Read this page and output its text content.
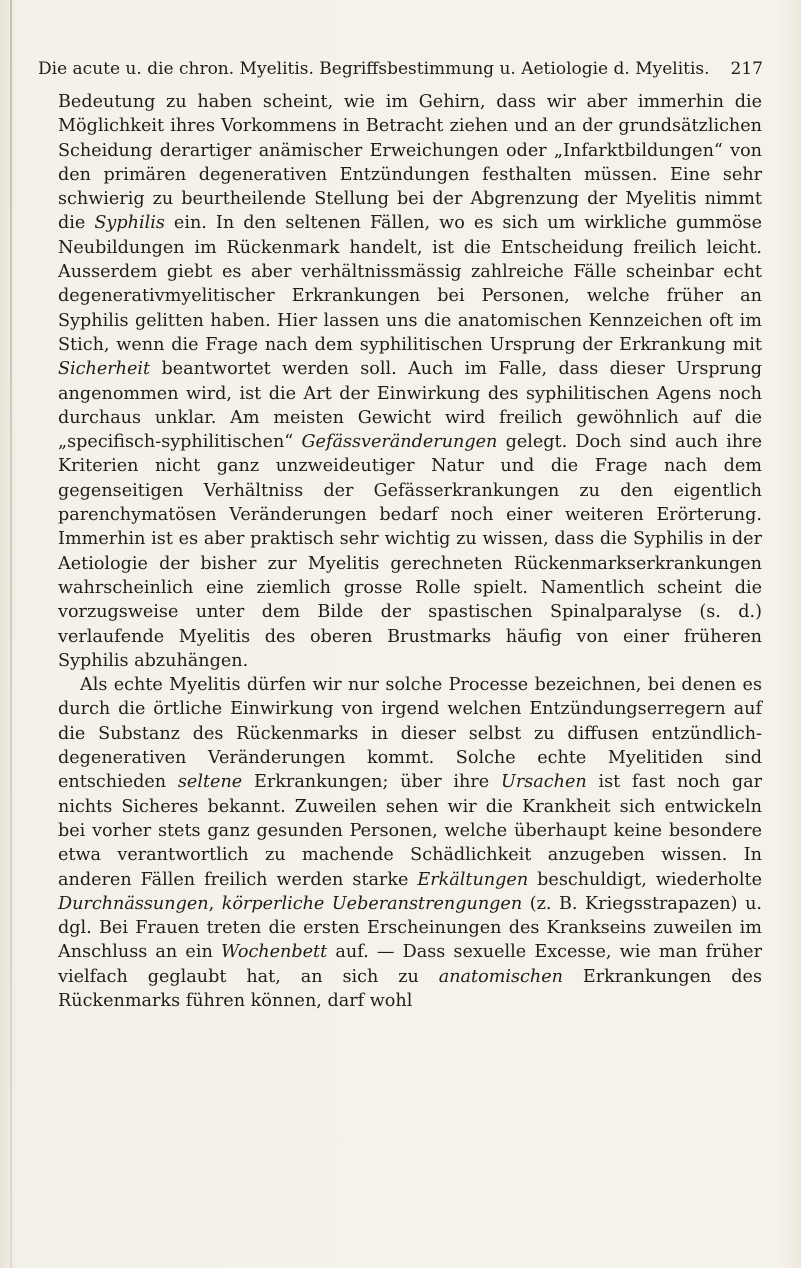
Die acute u. die chron. Myelitis. Begriffsbestimmung u. Aetiologie d. Myelitis. 217

Bedeutung zu haben scheint, wie im Gehirn, dass wir aber immerhin die Möglichkeit ihres Vorkommens in Betracht ziehen und an der grundsätzlichen Scheidung derartiger anämischer Erweichungen oder „Infarktbildungen“ von den primären degenerativen Entzündungen festhalten müssen. Eine sehr schwierig zu beurtheilende Stellung bei der Abgrenzung der Myelitis nimmt die Syphilis ein. In den seltenen Fällen, wo es sich um wirkliche gummöse Neubildungen im Rückenmark handelt, ist die Entscheidung freilich leicht. Ausserdem giebt es aber verhältnissmässig zahlreiche Fälle scheinbar echt degenerativmyelitischer Erkrankungen bei Personen, welche früher an Syphilis gelitten haben. Hier lassen uns die anatomischen Kennzeichen oft im Stich, wenn die Frage nach dem syphilitischen Ursprung der Erkrankung mit Sicherheit beantwortet werden soll. Auch im Falle, dass dieser Ursprung angenommen wird, ist die Art der Einwirkung des syphilitischen Agens noch durchaus unklar. Am meisten Gewicht wird freilich gewöhnlich auf die „specifisch-syphilitischen“ Gefässveränderungen gelegt. Doch sind auch ihre Kriterien nicht ganz unzweideutiger Natur und die Frage nach dem gegenseitigen Verhältniss der Gefässerkrankungen zu den eigentlich parenchymatösen Veränderungen bedarf noch einer weiteren Erörterung. Immerhin ist es aber praktisch sehr wichtig zu wissen, dass die Syphilis in der Aetiologie der bisher zur Myelitis gerechneten Rückenmarkserkrankungen wahrscheinlich eine ziemlich grosse Rolle spielt. Namentlich scheint die vorzugsweise unter dem Bilde der spastischen Spinalparalyse (s. d.) verlaufende Myelitis des oberen Brustmarks häufig von einer früheren Syphilis abzuhängen.

Als echte Myelitis dürfen wir nur solche Processe bezeichnen, bei denen es durch die örtliche Einwirkung von irgend welchen Entzündungserregern auf die Substanz des Rückenmarks in dieser selbst zu diffusen entzündlich-degenerativen Veränderungen kommt. Solche echte Myelitiden sind entschieden seltene Erkrankungen; über ihre Ursachen ist fast noch gar nichts Sicheres bekannt. Zuweilen sehen wir die Krankheit sich entwickeln bei vorher stets ganz gesunden Personen, welche überhaupt keine besondere etwa verantwortlich zu machende Schädlichkeit anzugeben wissen. In anderen Fällen freilich werden starke Erkältungen beschuldigt, wiederholte Durchnässungen, körperliche Ueberanstrengungen (z. B. Kriegsstrapazen) u. dgl. Bei Frauen treten die ersten Erscheinungen des Krankseins zuweilen im Anschluss an ein Wochenbett auf. — Dass sexuelle Excesse, wie man früher vielfach geglaubt hat, an sich zu anatomischen Erkrankungen des Rückenmarks führen können, darf wohl
